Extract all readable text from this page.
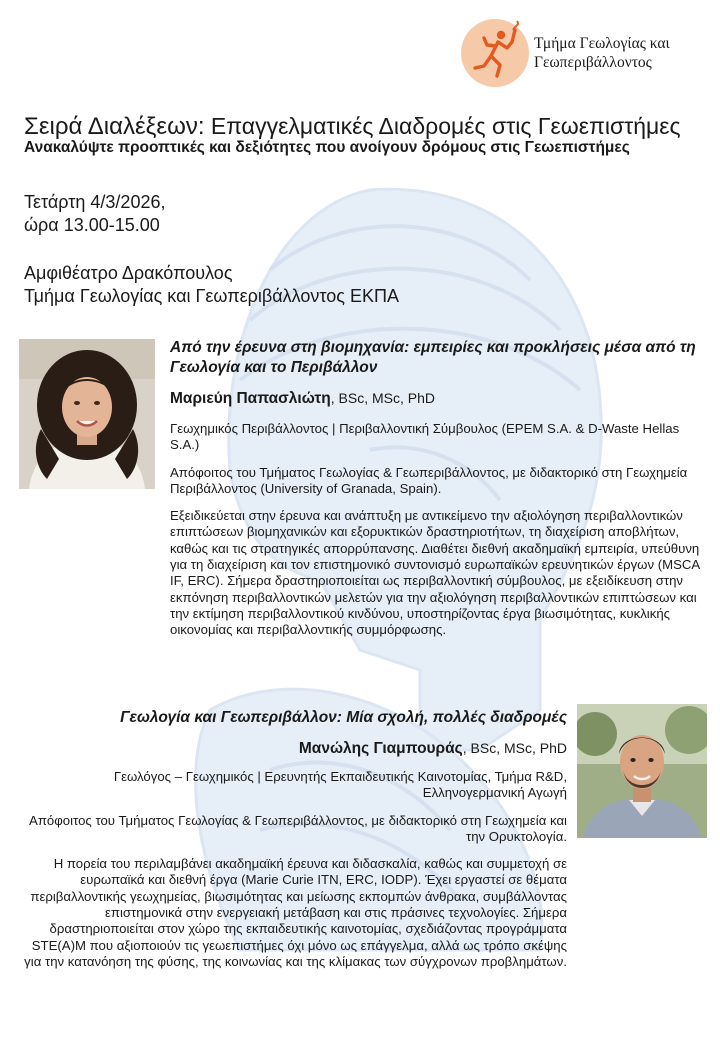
Τμήμα Γεωλογίας και
Γεωπεριβάλλοντος
Σειρά Διαλέξεων: Επαγγελματικές Διαδρομές στις Γεωεπιστήμες
Ανακαλύψτε προοπτικές και δεξιότητες που ανοίγουν δρόμους στις Γεωεπιστήμες
Τετάρτη 4/3/2026,
ώρα 13.00-15.00
Αμφιθέατρο Δρακόπουλος
Τμήμα Γεωλογίας και Γεωπεριβάλλοντος ΕΚΠΑ

Από την έρευνα στη βιομηχανία: εμπειρίες και προκλήσεις μέσα από τη Γεωλογία και το Περιβάλλον

Μαριεύη Παπασλιώτη, BSc, MSc, PhD

Γεωχημικός Περιβάλλοντος | Περιβαλλοντική Σύμβουλος (EPEM S.A. & D-Waste Hellas S.A.)

Απόφοιτος του Τμήματος Γεωλογίας & Γεωπεριβάλλοντος, με διδακτορικό στη Γεωχημεία Περιβάλλοντος (University of Granada, Spain).

Εξειδικεύεται στην έρευνα και ανάπτυξη με αντικείμενο την αξιολόγηση περιβαλλοντικών επιπτώσεων βιομηχανικών και εξορυκτικών δραστηριοτήτων, τη διαχείριση αποβλήτων, καθώς και τις στρατηγικές απορρύπανσης. Διαθέτει διεθνή ακαδημαϊκή εμπειρία, υπεύθυνη για τη διαχείριση και τον επιστημονικό συντονισμό ευρωπαϊκών ερευνητικών έργων (MSCA IF, ERC). Σήμερα δραστηριοποιείται ως περιβαλλοντική σύμβουλος, με εξειδίκευση στην εκπόνηση περιβαλλοντικών μελετών για την αξιολόγηση περιβαλλοντικών επιπτώσεων και την εκτίμηση περιβαλλοντικού κινδύνου, υποστηρίζοντας έργα βιωσιμότητας, κυκλικής οικονομίας και περιβαλλοντικής συμμόρφωσης.

Γεωλογία και Γεωπεριβάλλον: Μία σχολή, πολλές διαδρομές

Μανώλης Γιαμπουράς, BSc, MSc, PhD

Γεωλόγος – Γεωχημικός | Ερευνητής Εκπαιδευτικής Καινοτομίας, Τμήμα R&D, Ελληνογερμανική Αγωγή

Απόφοιτος του Τμήματος Γεωλογίας & Γεωπεριβάλλοντος, με διδακτορικό στη Γεωχημεία και την Ορυκτολογία.

Η πορεία του περιλαμβάνει ακαδημαϊκή έρευνα και διδασκαλία, καθώς και συμμετοχή σε ευρωπαϊκά και διεθνή έργα (Marie Curie ITN, ERC, IODP). Έχει εργαστεί σε θέματα περιβαλλοντικής γεωχημείας, βιωσιμότητας και μείωσης εκπομπών άνθρακα, συμβάλλοντας επιστημονικά στην ενεργειακή μετάβαση και στις πράσινες τεχνολογίες. Σήμερα δραστηριοποιείται στον χώρο της εκπαιδευτικής καινοτομίας, σχεδιάζοντας προγράμματα STE(A)M που αξιοποιούν τις γεωεπιστήμες όχι μόνο ως επάγγελμα, αλλά ως τρόπο σκέψης για την κατανόηση της φύσης, της κοινωνίας και της κλίμακας των σύγχρονων προβλημάτων.
